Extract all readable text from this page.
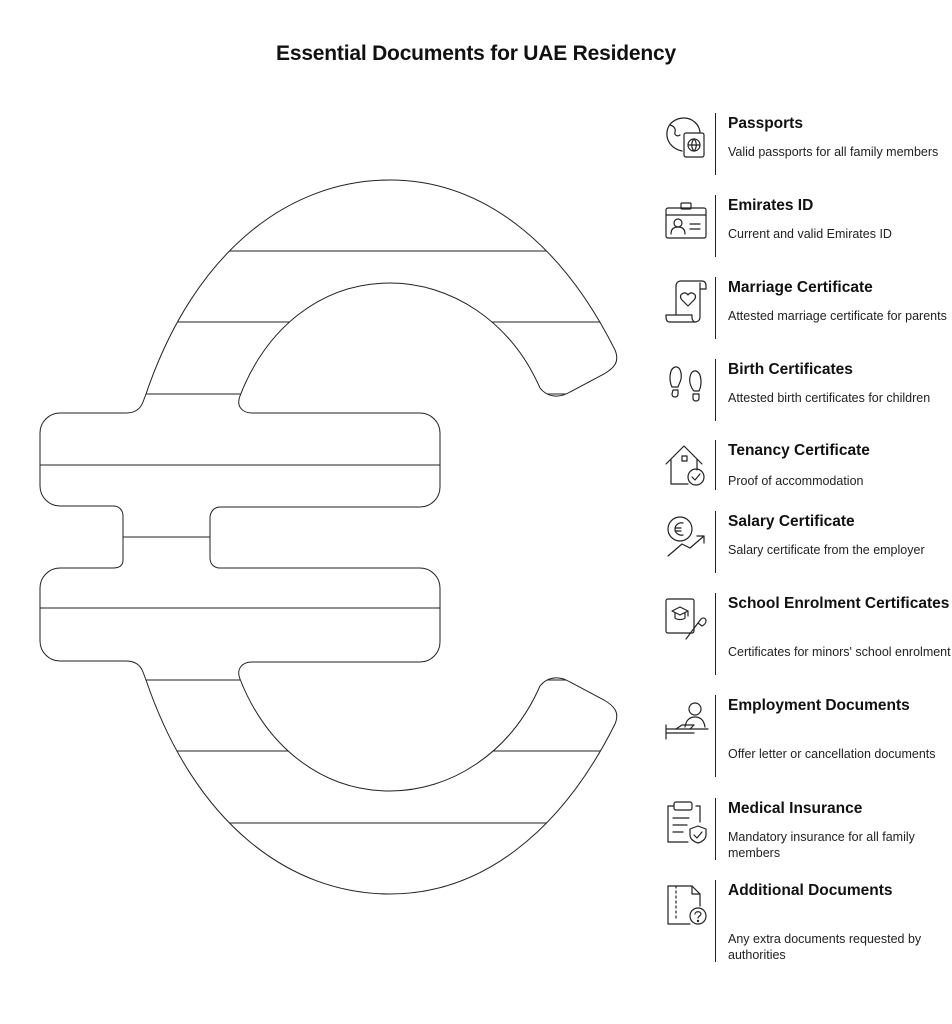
Essential Documents for UAE Residency
Passports
Valid passports for all family members
Emirates ID
Current and valid Emirates ID
Marriage Certificate
Attested marriage certificate for parents
Birth Certificates
Attested birth certificates for children
Tenancy Certificate
Proof of accommodation
Salary Certificate
Salary certificate from the employer
School Enrolment Certificates
Certificates for minors' school enrolment
Employment Documents
Offer letter or cancellation documents
Medical Insurance
Mandatory insurance for all family members
Additional Documents
Any extra documents requested by authorities
